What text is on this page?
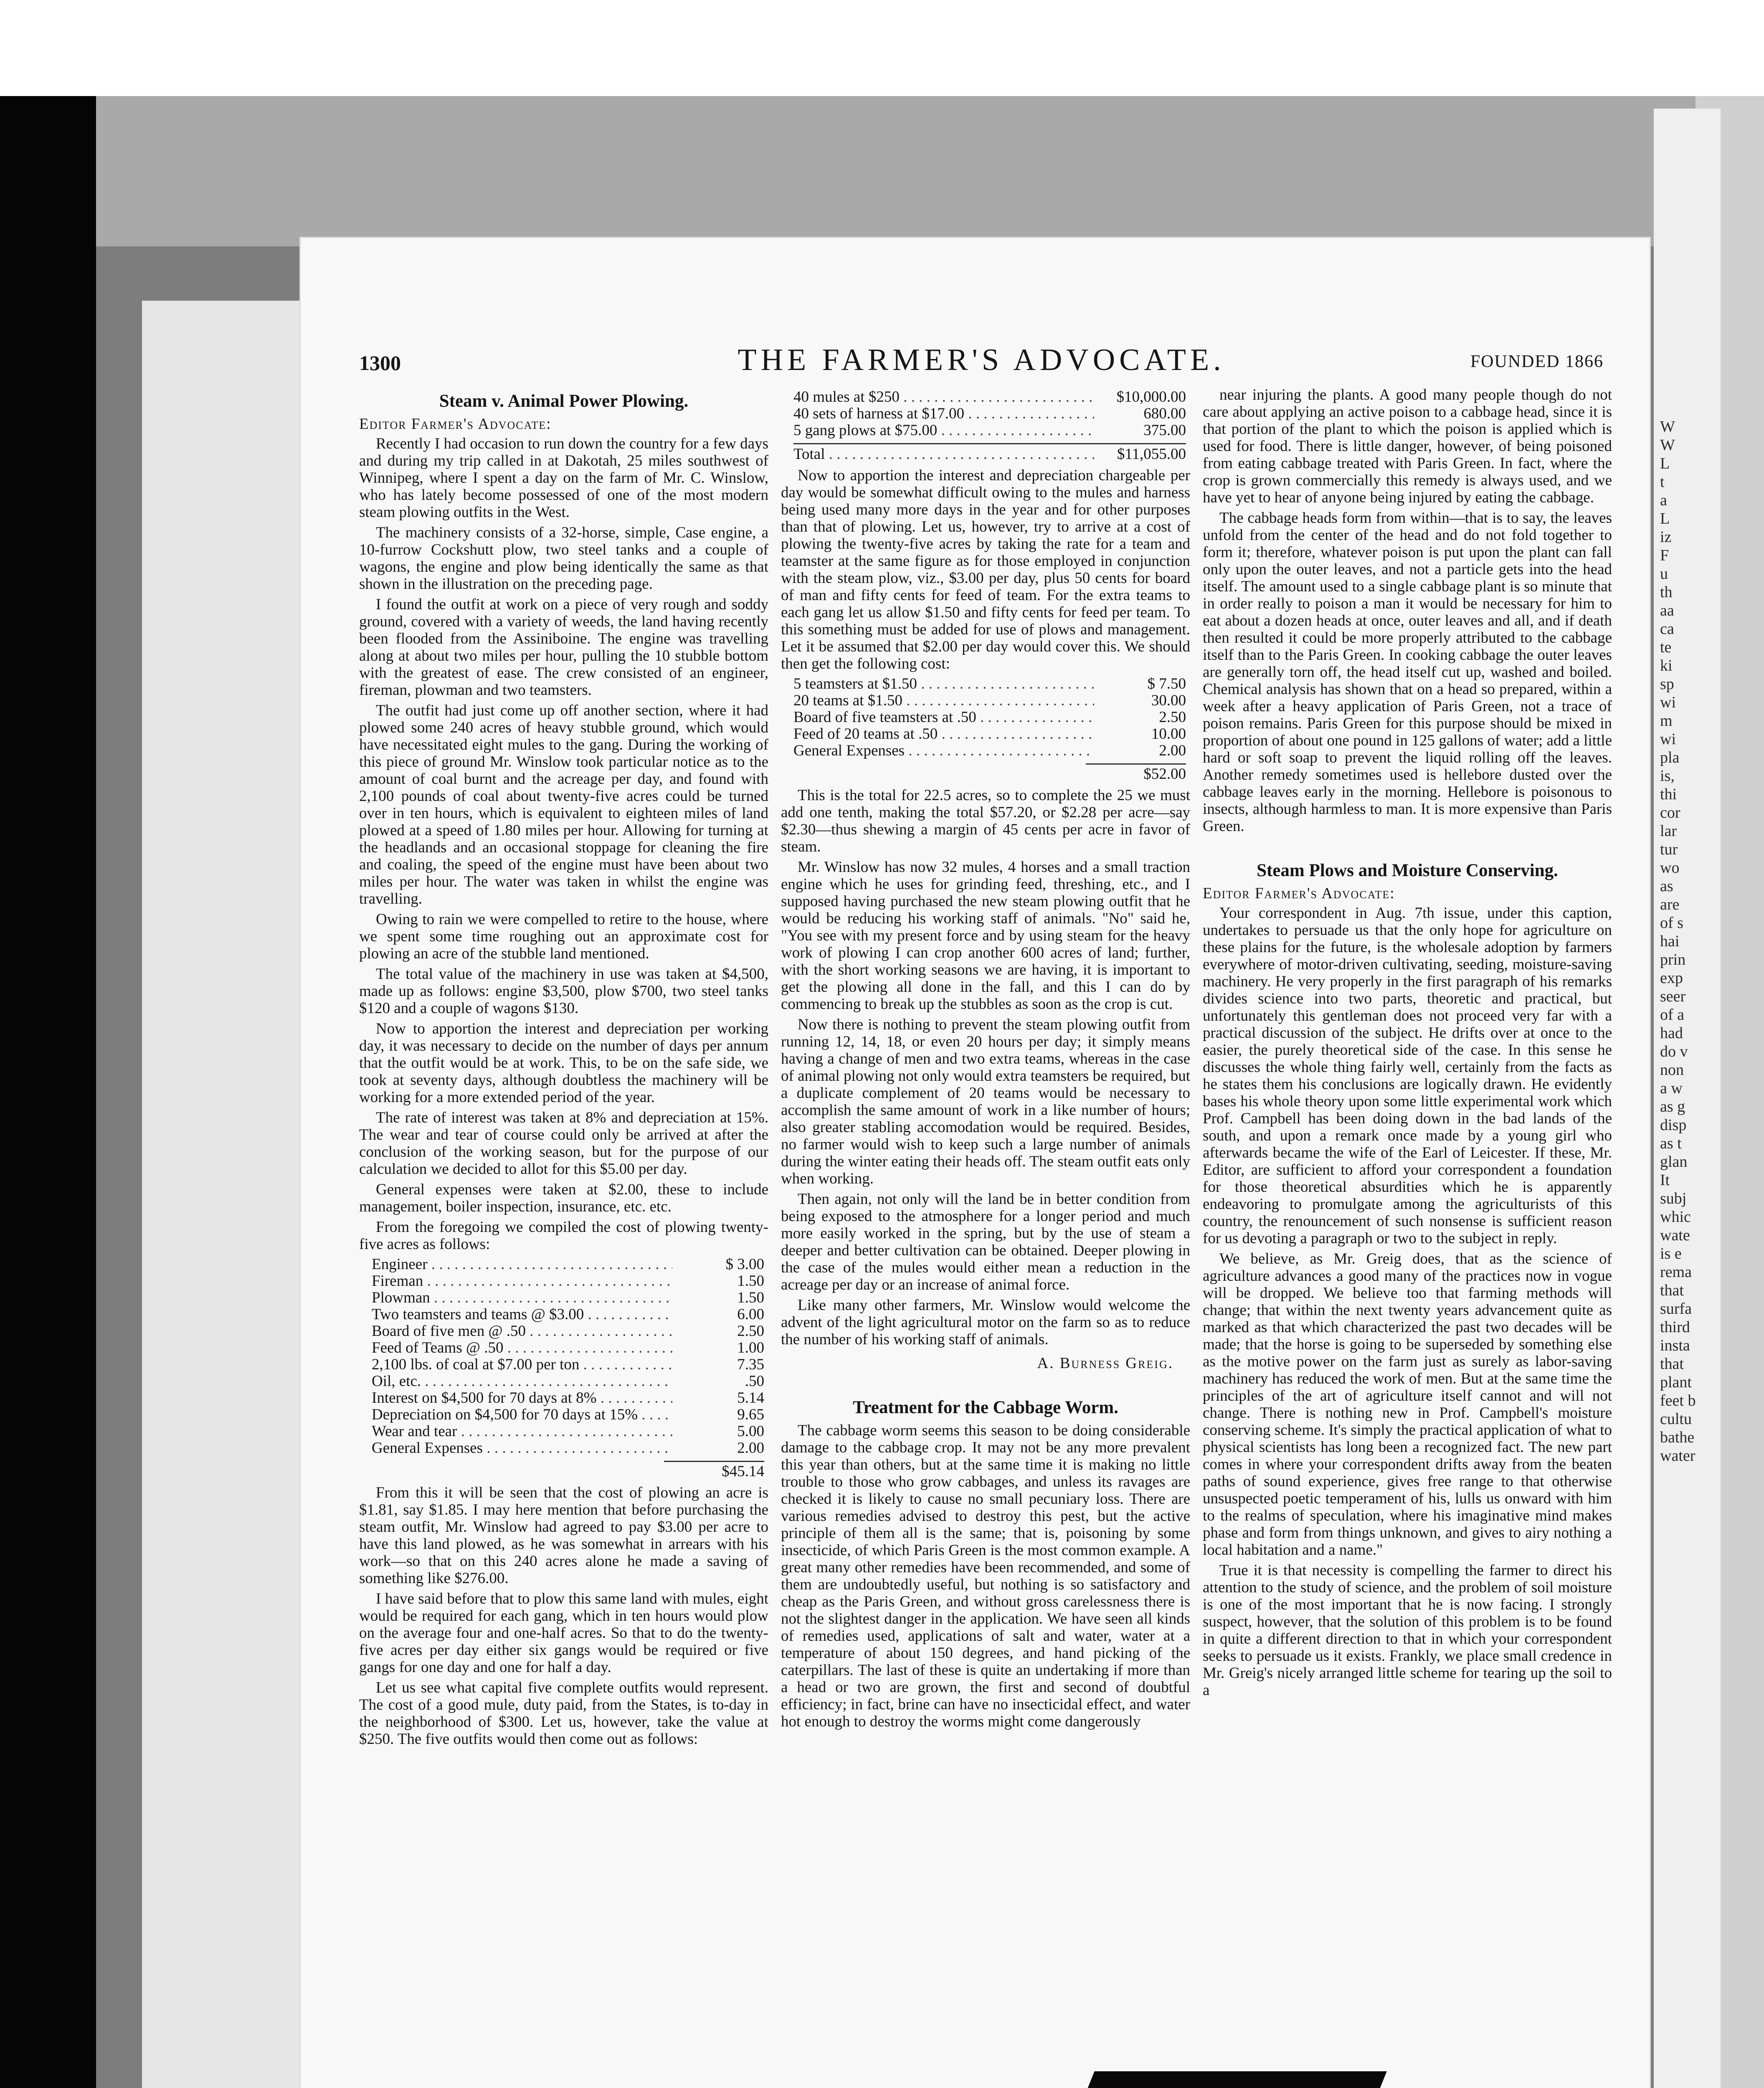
W
W
L
t
a
L
iz
F
u
th
aa
ca
te
ki
sp
wi
m
wi
pla
is,
thi
cor
lar
tur
wo
as
are
of s
hai
prin
exp
seer
of a
had
do v
non
a w
as g
disp
as t
glan
It
subj
whic
wate
is e
rema
that
surfa
third
insta
that
plant
feet b
cultu
bathe
water
1300	THE FARMER'S ADVOCATE.	FOUNDED 1866
Steam v. Animal Power Plowing.
Editor Farmer's Advocate:

Recently I had occasion to run down the country for a few days and during my trip called in at Dakotah, 25 miles southwest of Winnipeg, where I spent a day on the farm of Mr. C. Winslow, who has lately become possessed of one of the most modern steam plowing outfits in the West.

The machinery consists of a 32-horse, simple, Case engine, a 10-furrow Cockshutt plow, two steel tanks and a couple of wagons, the engine and plow being identically the same as that shown in the illustration on the preceding page.

I found the outfit at work on a piece of very rough and soddy ground, covered with a variety of weeds, the land having recently been flooded from the Assiniboine. The engine was travelling along at about two miles per hour, pulling the 10 stubble bottom with the greatest of ease. The crew consisted of an engineer, fireman, plowman and two teamsters.

The outfit had just come up off another section, where it had plowed some 240 acres of heavy stubble ground, which would have necessitated eight mules to the gang. During the working of this piece of ground Mr. Winslow took particular notice as to the amount of coal burnt and the acreage per day, and found with 2,100 pounds of coal about twenty-five acres could be turned over in ten hours, which is equivalent to eighteen miles of land plowed at a speed of 1.80 miles per hour. Allowing for turning at the headlands and an occasional stoppage for cleaning the fire and coaling, the speed of the engine must have been about two miles per hour. The water was taken in whilst the engine was travelling.

Owing to rain we were compelled to retire to the house, where we spent some time roughing out an approximate cost for plowing an acre of the stubble land mentioned.

The total value of the machinery in use was taken at $4,500, made up as follows: engine $3,500, plow $700, two steel tanks $120 and a couple of wagons $130.

Now to apportion the interest and depreciation per working day, it was necessary to decide on the number of days per annum that the outfit would be at work. This, to be on the safe side, we took at seventy days, although doubtless the machinery will be working for a more extended period of the year.

The rate of interest was taken at 8% and depreciation at 15%. The wear and tear of course could only be arrived at after the conclusion of the working season, but for the purpose of our calculation we decided to allot for this $5.00 per day.

General expenses were taken at $2.00, these to include management, boiler inspection, insurance, etc. etc.

From the foregoing we compiled the cost of plowing twenty-five acres as follows:

Engineer . . .	$ 3.00
Fireman . . .	1.50
Plowman . . .	1.50
Two teamsters and teams @ $3.00 . . .	6.00
Board of five men @ .50 . . .	2.50
Feed of Teams @ .50 . . .	1.00
2,100 lbs. of coal at $7.00 per ton . . .	7.35
Oil, etc. . . .	.50
Interest on $4,500 for 70 days at 8% . . .	5.14
Depreciation on $4,500 for 70 days at 15% . . .	9.65
Wear and tear . . .	5.00
General Expenses . . .	2.00
$45.14

From this it will be seen that the cost of plowing an acre is $1.81, say $1.85. I may here mention that before purchasing the steam outfit, Mr. Winslow had agreed to pay $3.00 per acre to have this land plowed, as he was somewhat in arrears with his work—so that on this 240 acres alone he made a saving of something like $276.00.

I have said before that to plow this same land with mules, eight would be required for each gang, which in ten hours would plow on the average four and one-half acres. So that to do the twenty-five acres per day either six gangs would be required or five gangs for one day and one for half a day.

Let us see what capital five complete outfits would represent. The cost of a good mule, duty paid, from the States, is to-day in the neighborhood of $300. Let us, however, take the value at $250. The five outfits would then come out as follows:

40 mules at $250 . . .	$10,000.00
40 sets of harness at $17.00 . . .	680.00
5 gang plows at $75.00 . . .	375.00
Total . . .	$11,055.00

Now to apportion the interest and depreciation chargeable per day would be somewhat difficult owing to the mules and harness being used many more days in the year and for other purposes than that of plowing. Let us, however, try to arrive at a cost of plowing the twenty-five acres by taking the rate for a team and teamster at the same figure as for those employed in conjunction with the steam plow, viz., $3.00 per day, plus 50 cents for board of man and fifty cents for feed of team. For the extra teams to each gang let us allow $1.50 and fifty cents for feed per team. To this something must be added for use of plows and management. Let it be assumed that $2.00 per day would cover this. We should then get the following cost:

5 teamsters at $1.50 . . .	$ 7.50
20 teams at $1.50 . . .	30.00
Board of five teamsters at .50 . . .	2.50
Feed of 20 teams at .50 . . .	10.00
General Expenses . . .	2.00
$52.00

This is the total for 22.5 acres, so to complete the 25 we must add one tenth, making the total $57.20, or $2.28 per acre—say $2.30—thus shewing a margin of 45 cents per acre in favor of steam.

Mr. Winslow has now 32 mules, 4 horses and a small traction engine which he uses for grinding feed, threshing, etc., and I supposed having purchased the new steam plowing outfit that he would be reducing his working staff of animals. "No" said he, "You see with my present force and by using steam for the heavy work of plowing I can crop another 600 acres of land; further, with the short working seasons we are having, it is important to get the plowing all done in the fall, and this I can do by commencing to break up the stubbles as soon as the crop is cut.

Now there is nothing to prevent the steam plowing outfit from running 12, 14, 18, or even 20 hours per day; it simply means having a change of men and two extra teams, whereas in the case of animal plowing not only would extra teamsters be required, but a duplicate complement of 20 teams would be necessary to accomplish the same amount of work in a like number of hours; also greater stabling accomodation would be required. Besides, no farmer would wish to keep such a large number of animals during the winter eating their heads off. The steam outfit eats only when working.

Then again, not only will the land be in better condition from being exposed to the atmosphere for a longer period and much more easily worked in the spring, but by the use of steam a deeper and better cultivation can be obtained. Deeper plowing in the case of the mules would either mean a reduction in the acreage per day or an increase of animal force.

Like many other farmers, Mr. Winslow would welcome the advent of the light agricultural motor on the farm so as to reduce the number of his working staff of animals.

A. Burness Greig.
Treatment for the Cabbage Worm.

The cabbage worm seems this season to be doing considerable damage to the cabbage crop. It may not be any more prevalent this year than others, but at the same time it is making no little trouble to those who grow cabbages, and unless its ravages are checked it is likely to cause no small pecuniary loss. There are various remedies advised to destroy this pest, but the active principle of them all is the same; that is, poisoning by some insecticide, of which Paris Green is the most common example. A great many other remedies have been recommended, and some of them are undoubtedly useful, but nothing is so satisfactory and cheap as the Paris Green, and without gross carelessness there is not the slightest danger in the application. We have seen all kinds of remedies used, applications of salt and water, water at a temperature of about 150 degrees, and hand picking of the caterpillars. The last of these is quite an undertaking if more than a head or two are grown, the first and second of doubtful efficiency; in fact, brine can have no insecticidal effect, and water hot enough to destroy the worms might come dangerously

near injuring the plants. A good many people though do not care about applying an active poison to a cabbage head, since it is that portion of the plant to which the poison is applied which is used for food. There is little danger, however, of being poisoned from eating cabbage treated with Paris Green. In fact, where the crop is grown commercially this remedy is always used, and we have yet to hear of anyone being injured by eating the cabbage.

The cabbage heads form from within—that is to say, the leaves unfold from the center of the head and do not fold together to form it; therefore, whatever poison is put upon the plant can fall only upon the outer leaves, and not a particle gets into the head itself. The amount used to a single cabbage plant is so minute that in order really to poison a man it would be necessary for him to eat about a dozen heads at once, outer leaves and all, and if death then resulted it could be more properly attributed to the cabbage itself than to the Paris Green. In cooking cabbage the outer leaves are generally torn off, the head itself cut up, washed and boiled. Chemical analysis has shown that on a head so prepared, within a week after a heavy application of Paris Green, not a trace of poison remains. Paris Green for this purpose should be mixed in proportion of about one pound in 125 gallons of water; add a little hard or soft soap to prevent the liquid rolling off the leaves. Another remedy sometimes used is hellebore dusted over the cabbage leaves early in the morning. Hellebore is poisonous to insects, although harmless to man. It is more expensive than Paris Green.

Steam Plows and Moisture Conserving.
Editor Farmer's Advocate:

Your correspondent in Aug. 7th issue, under this caption, undertakes to persuade us that the only hope for agriculture on these plains for the future, is the wholesale adoption by farmers everywhere of motor-driven cultivating, seeding, moisture-saving machinery. He very properly in the first paragraph of his remarks divides science into two parts, theoretic and practical, but unfortunately this gentleman does not proceed very far with a practical discussion of the subject. He drifts over at once to the easier, the purely theoretical side of the case. In this sense he discusses the whole thing fairly well, certainly from the facts as he states them his conclusions are logically drawn. He evidently bases his whole theory upon some little experimental work which Prof. Campbell has been doing down in the bad lands of the south, and upon a remark once made by a young girl who afterwards became the wife of the Earl of Leicester. If these, Mr. Editor, are sufficient to afford your correspondent a foundation for those theoretical absurdities which he is apparently endeavoring to promulgate among the agriculturists of this country, the renouncement of such nonsense is sufficient reason for us devoting a paragraph or two to the subject in reply.

We believe, as Mr. Greig does, that as the science of agriculture advances a good many of the practices now in vogue will be dropped. We believe too that farming methods will change; that within the next twenty years advancement quite as marked as that which characterized the past two decades will be made; that the horse is going to be superseded by something else as the motive power on the farm just as surely as labor-saving machinery has reduced the work of men. But at the same time the principles of the art of agriculture itself cannot and will not change. There is nothing new in Prof. Campbell's moisture conserving scheme. It's simply the practical application of what to physical scientists has long been a recognized fact. The new part comes in where your correspondent drifts away from the beaten paths of sound experience, gives free range to that otherwise unsuspected poetic temperament of his, lulls us onward with him to the realms of speculation, where his imaginative mind makes phase and form from things unknown, and gives to airy nothing a local habitation and a name."

True it is that necessity is compelling the farmer to direct his attention to the study of science, and the problem of soil moisture is one of the most important that he is now facing. I strongly suspect, however, that the solution of this problem is to be found in quite a different direction to that in which your correspondent seeks to persuade us it exists. Frankly, we place small credence in Mr. Greig's nicely arranged little scheme for tearing up the soil to a
